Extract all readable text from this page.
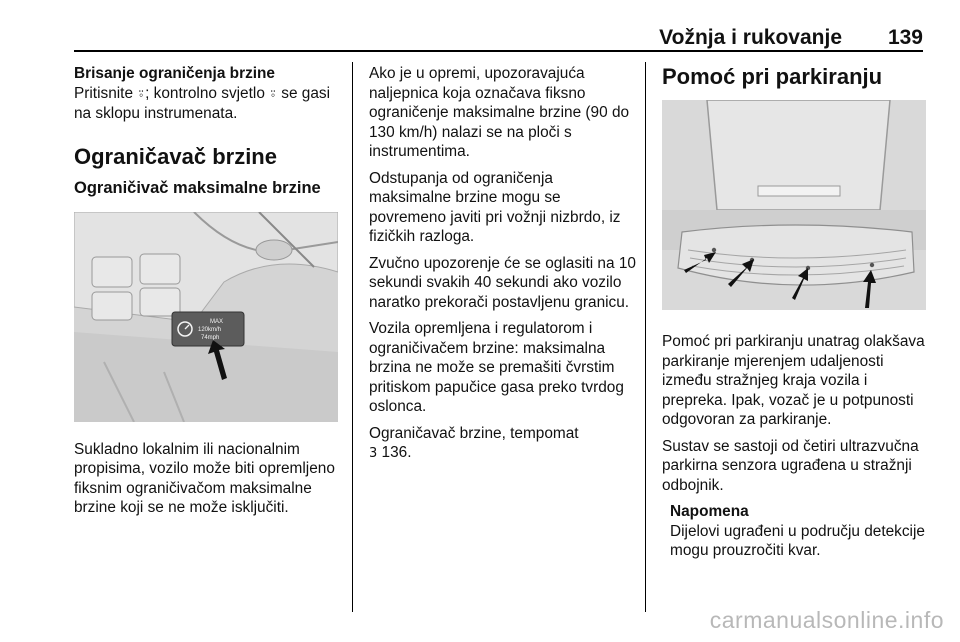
Vožnja i rukovanje 139

Brisanje ograničenja brzine

Pritisnite ⍤; kontrolno svjetlo ⍤ se gasi na sklopu instrumenata.

Ograničavač brzine
Ograničivač maksimalne brzine
MAX
120km/h
74mph

Sukladno lokalnim ili nacionalnim propisima, vozilo može biti opremljeno fiksnim ograničivačom maksimalne brzine koji se ne može isključiti.

Ako je u opremi, upozoravajuća naljepnica koja označava fiksno ograničenje maksimalne brzine (90 do 130 km/h) nalazi se na ploči s instrumentima.

Odstupanja od ograničenja maksimalne brzine mogu se povremeno javiti pri vožnji nizbrdo, iz fizičkih razloga.

Zvučno upozorenje će se oglasiti na 10 sekundi svakih 40 sekundi ako vozilo naratko prekorači postavljenu granicu.

Vozila opremljena i regulatorom i ograničivačem brzine: maksimalna brzina ne može se premašiti čvrstim pritiskom papučice gasa preko tvrdog oslonca.

Ograničavač brzine, tempomat
3 136.

Pomoć pri parkiranju

Pomoć pri parkiranju unatrag olakšava parkiranje mjerenjem udaljenosti između stražnjeg kraja vozila i prepreka. Ipak, vozač je u potpunosti odgovoran za parkiranje.

Sustav se sastoji od četiri ultrazvučna parkirna senzora ugrađena u stražnji odbojnik.

Napomena
Dijelovi ugrađeni u području detekcije mogu prouzročiti kvar.
carmanualsonline.info
